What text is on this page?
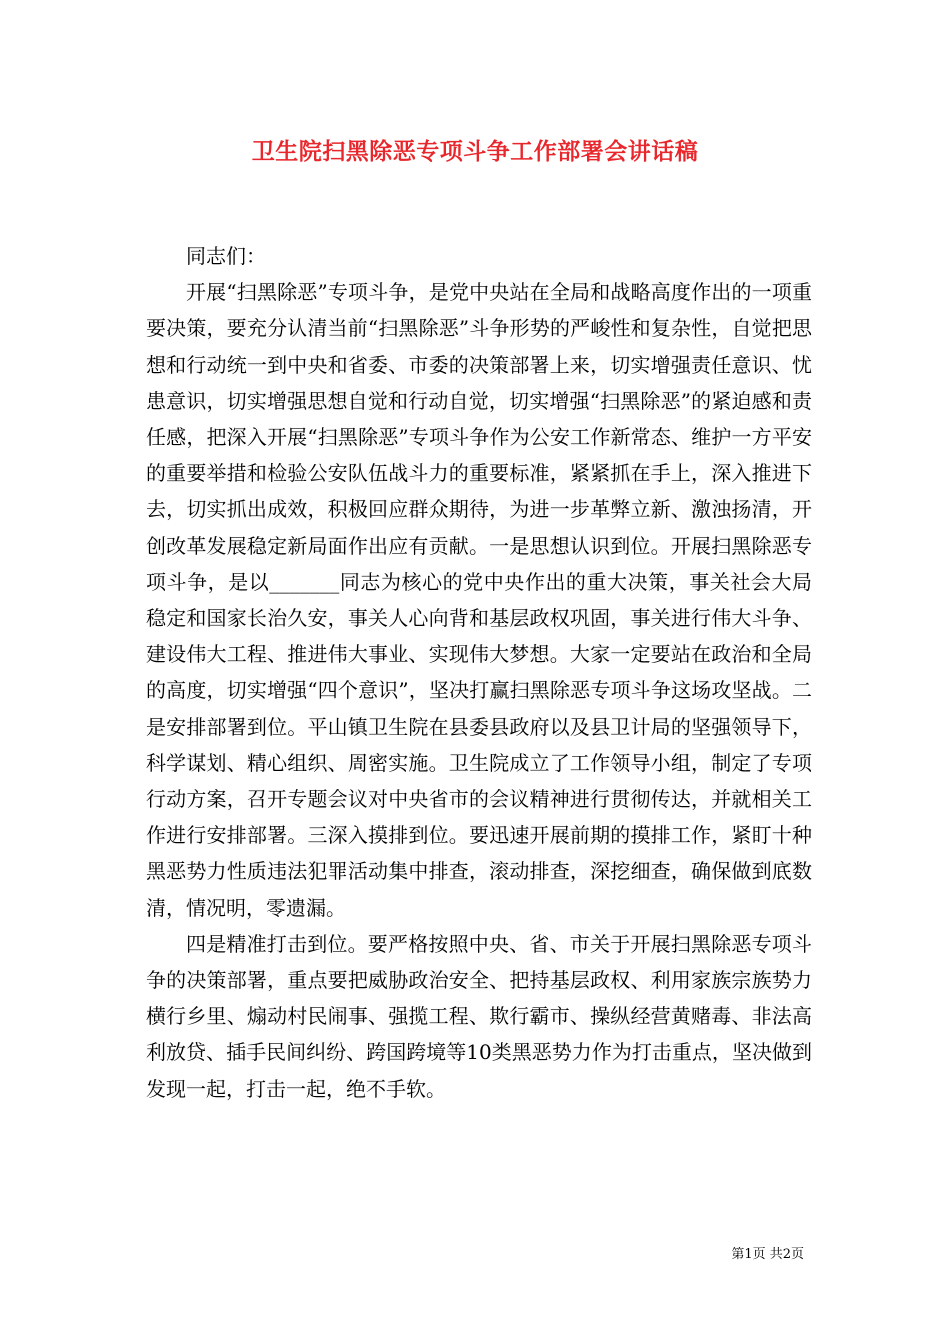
卫生院扫黑除恶专项斗争工作部署会讲话稿

同志们：

开展“扫黑除恶”专项斗争，是党中央站在全局和战略高度作出的一项重要决策，要充分认清当前“扫黑除恶”斗争形势的严峻性和复杂性，自觉把思想和行动统一到中央和省委、市委的决策部署上来，切实增强责任意识、忧患意识，切实增强思想自觉和行动自觉，切实增强“扫黑除恶”的紧迫感和责任感，把深入开展“扫黑除恶”专项斗争作为公安工作新常态、维护一方平安的重要举措和检验公安队伍战斗力的重要标准，紧紧抓在手上，深入推进下去，切实抓出成效，积极回应群众期待，为进一步革弊立新、激浊扬清，开创改革发展稳定新局面作出应有贡献。一是思想认识到位。开展扫黑除恶专项斗争，是以_______同志为核心的党中央作出的重大决策，事关社会大局稳定和国家长治久安，事关人心向背和基层政权巩固，事关进行伟大斗争、建设伟大工程、推进伟大事业、实现伟大梦想。大家一定要站在政治和全局的高度，切实增强“四个意识”，坚决打赢扫黑除恶专项斗争这场攻坚战。二是安排部署到位。平山镇卫生院在县委县政府以及县卫计局的坚强领导下，科学谋划、精心组织、周密实施。卫生院成立了工作领导小组，制定了专项行动方案，召开专题会议对中央省市的会议精神进行贯彻传达，并就相关工作进行安排部署。三深入摸排到位。要迅速开展前期的摸排工作，紧盯十种黑恶势力性质违法犯罪活动集中排查，滚动排查，深挖细查，确保做到底数清，情况明，零遗漏。

四是精准打击到位。要严格按照中央、省、市关于开展扫黑除恶专项斗争的决策部署，重点要把威胁政治安全、把持基层政权、利用家族宗族势力横行乡里、煽动村民闹事、强揽工程、欺行霸市、操纵经营黄赌毒、非法高利放贷、插手民间纠纷、跨国跨境等10类黑恶势力作为打击重点，坚决做到发现一起，打击一起，绝不手软。

第1页 共2页
